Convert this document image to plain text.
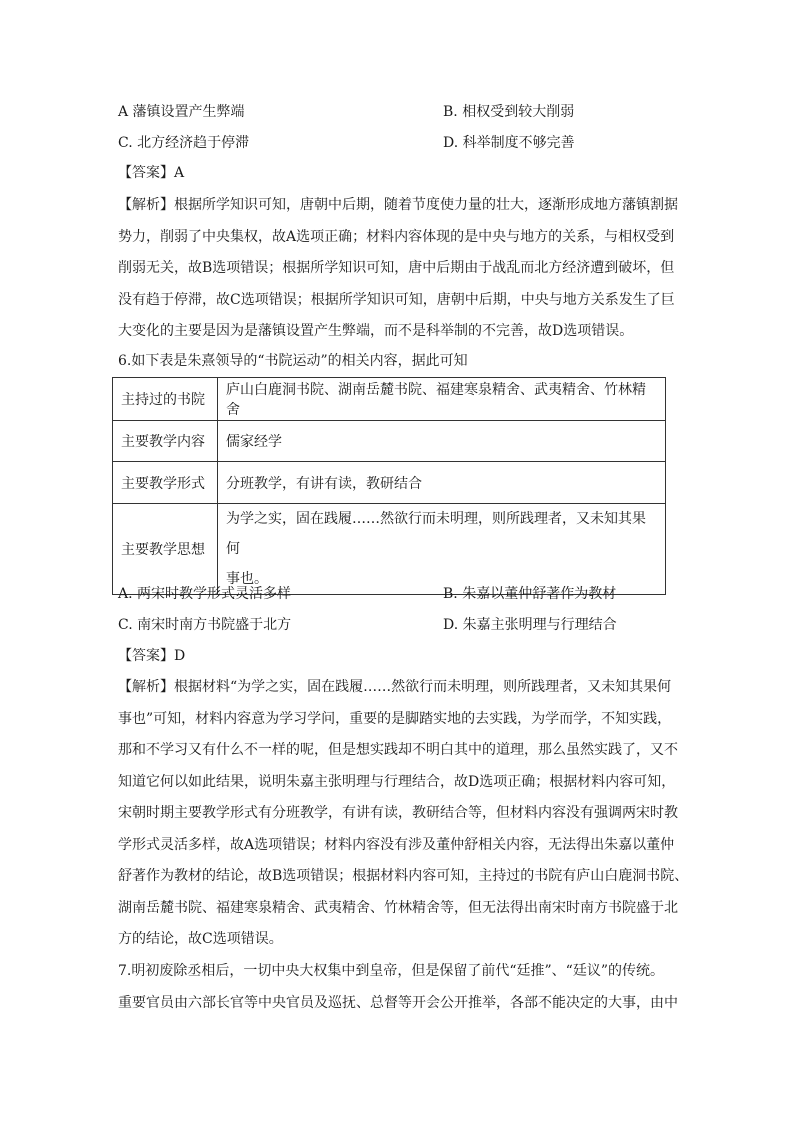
A 藩镇设置产生弊端	B. 相权受到较大削弱
C. 北方经济趋于停滞	D. 科举制度不够完善
【答案】A
【解析】根据所学知识可知，唐朝中后期，随着节度使力量的壮大，逐渐形成地方藩镇割据
势力，削弱了中央集权，故A选项正确；材料内容体现的是中央与地方的关系，与相权受到
削弱无关，故B选项错误；根据所学知识可知，唐中后期由于战乱而北方经济遭到破坏，但
没有趋于停滞，故C选项错误；根据所学知识可知，唐朝中后期，中央与地方关系发生了巨
大变化的主要是因为是藩镇设置产生弊端，而不是科举制的不完善，故D选项错误。
6.如下表是朱熹领导的“书院运动”的相关内容，据此可知
主持过的书院	庐山白鹿洞书院、湖南岳麓书院、福建寒泉精舍、武夷精舍、竹林精舍
主要教学内容	儒家经学
主要教学形式	分班教学，有讲有读，教研结合
主要教学思想	为学之实，固在践履……然欲行而未明理，则所践理者，又未知其果何
事也。
A. 两宋时教学形式灵活多样	B. 朱嘉以董仲舒著作为教材
C. 南宋时南方书院盛于北方	D. 朱嘉主张明理与行理结合
【答案】D
【解析】根据材料“为学之实，固在践履……然欲行而未明理，则所践理者，又未知其果何
事也”可知，材料内容意为学习学问，重要的是脚踏实地的去实践，为学而学，不知实践，
那和不学习又有什么不一样的呢，但是想实践却不明白其中的道理，那么虽然实践了，又不
知道它何以如此结果，说明朱嘉主张明理与行理结合，故D选项正确；根据材料内容可知，
宋朝时期主要教学形式有分班教学，有讲有读，教研结合等，但材料内容没有强调两宋时教
学形式灵活多样，故A选项错误；材料内容没有涉及董仲舒相关内容，无法得出朱嘉以董仲
舒著作为教材的结论，故B选项错误；根据材料内容可知，主持过的书院有庐山白鹿洞书院、
湖南岳麓书院、福建寒泉精舍、武夷精舍、竹林精舍等，但无法得出南宋时南方书院盛于北
方的结论，故C选项错误。
7.明初废除丞相后，一切中央大权集中到皇帝，但是保留了前代“廷推”、“廷议”的传统。
重要官员由六部长官等中央官员及巡抚、总督等开会公开推举，各部不能决定的大事，由中
